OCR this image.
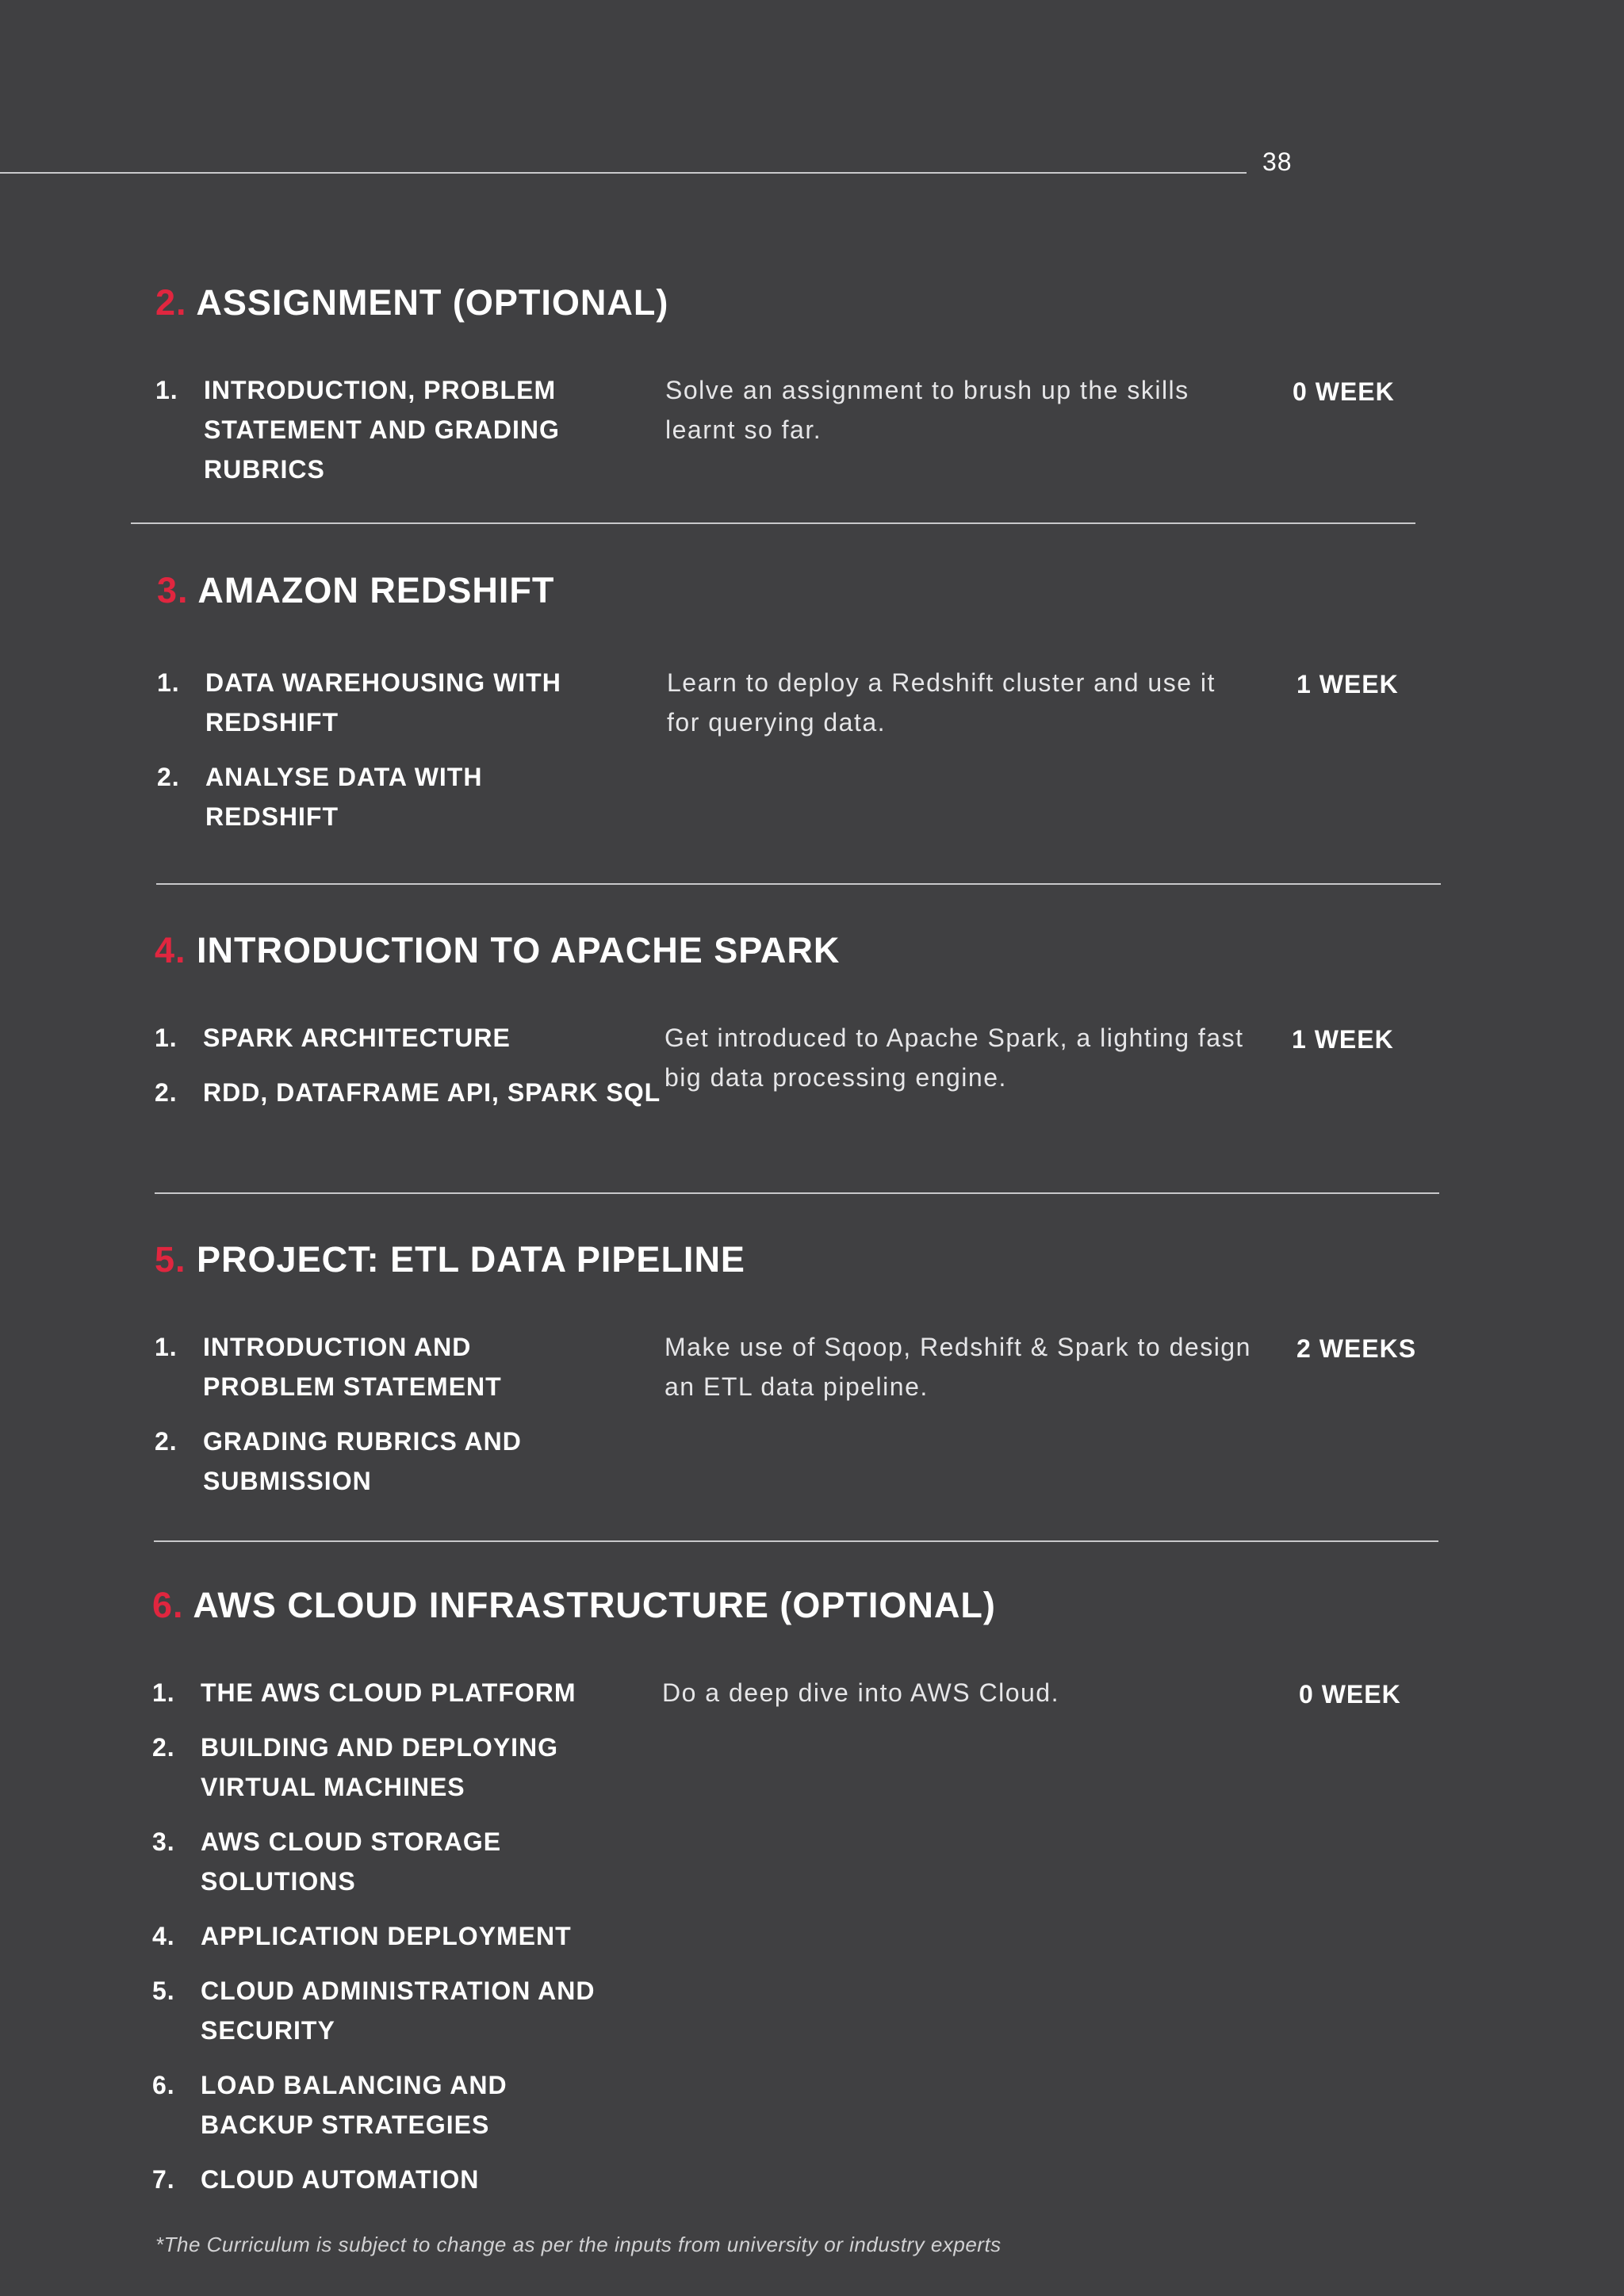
38
2. ASSIGNMENT (OPTIONAL)
1. INTRODUCTION, PROBLEM STATEMENT AND GRADING RUBRICS

Solve an assignment to brush up the skills learnt so far.

0 WEEK

3. AMAZON REDSHIFT
1. DATA WAREHOUSING WITH REDSHIFT
2. ANALYSE DATA WITH REDSHIFT

Learn to deploy a Redshift cluster and use it for querying data.

1 WEEK

4. INTRODUCTION TO APACHE SPARK
1. SPARK ARCHITECTURE
2. RDD, DATAFRAME API, SPARK SQL

Get introduced to Apache Spark, a lighting fast big data processing engine.

1 WEEK

5. PROJECT: ETL DATA PIPELINE
1. INTRODUCTION AND PROBLEM STATEMENT
2. GRADING RUBRICS AND SUBMISSION

Make use of Sqoop, Redshift & Spark to design an ETL data pipeline.

2 WEEKS

6. AWS CLOUD INFRASTRUCTURE (OPTIONAL)
1. THE AWS CLOUD PLATFORM
2. BUILDING AND DEPLOYING VIRTUAL MACHINES
3. AWS CLOUD STORAGE SOLUTIONS
4. APPLICATION DEPLOYMENT
5. CLOUD ADMINISTRATION AND SECURITY
6. LOAD BALANCING AND BACKUP STRATEGIES
7. CLOUD AUTOMATION

Do a deep dive into AWS Cloud.	0 WEEK

*The Curriculum is subject to change as per the inputs from university or industry experts
